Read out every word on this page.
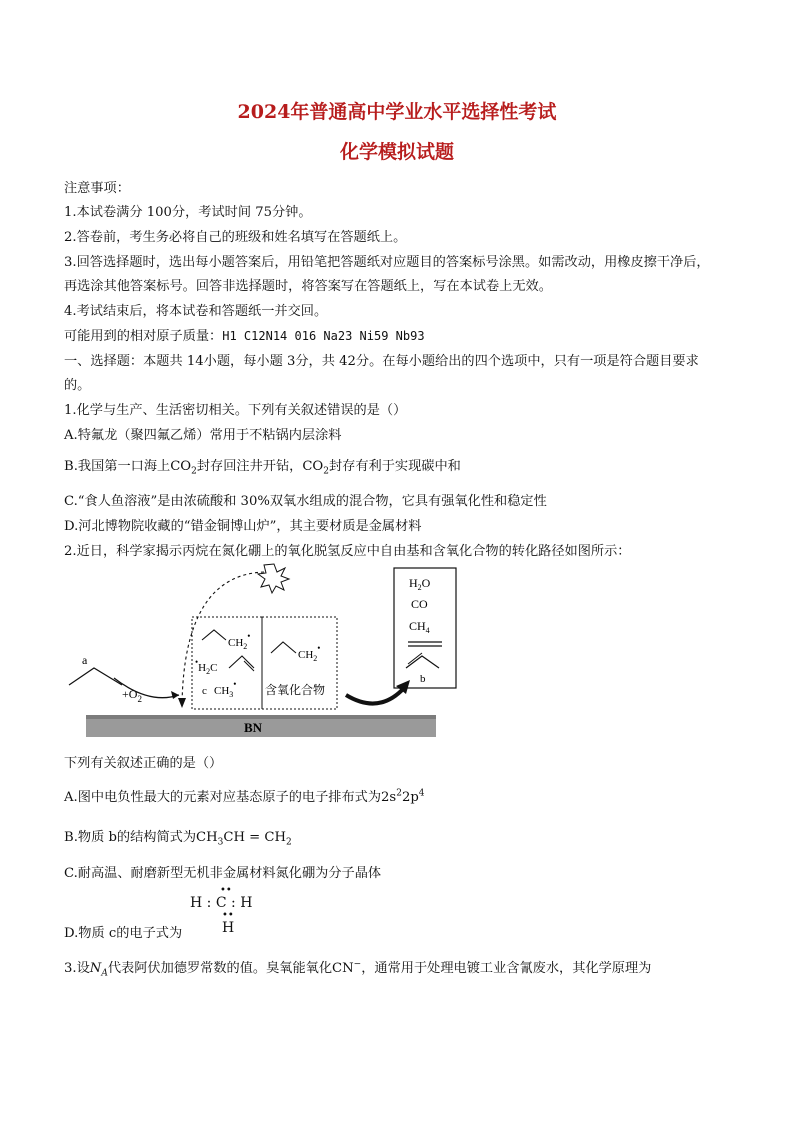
2024年普通高中学业水平选择性考试
化学模拟试题
注意事项：
1.本试卷满分 100分，考试时间 75分钟。
2.答卷前，考生务必将自己的班级和姓名填写在答题纸上。
3.回答选择题时，选出每小题答案后，用铅笔把答题纸对应题目的答案标号涂黑。如需改动，用橡皮擦干净后，
再选涂其他答案标号。回答非选择题时，将答案写在答题纸上，写在本试卷上无效。
4.考试结束后，将本试卷和答题纸一并交回。
可能用到的相对原子质量：H1 C12N14 016 Na23 Ni59 Nb93
一、选择题：本题共 14小题，每小题 3分，共 42分。在每小题给出的四个选项中，只有一项是符合题目要求
的。
1.化学与生产、生活密切相关。下列有关叙述错误的是（）
A.特氟龙（聚四氟乙烯）常用于不粘锅内层涂料
B.我国第一口海上$CO_2$封存回注井开钻，$CO_2$封存有利于实现碳中和
C.“食人鱼溶液”是由浓硫酸和 30%双氧水组成的混合物，它具有强氧化性和稳定性
D.河北博物院收藏的“错金铜博山炉”，其主要材质是金属材料
2.近日，科学家揭示丙烷在氮化硼上的氧化脱氢反应中自由基和含氧化合物的转化路径如图所示：
BN
a
$+O_2$
$CH_2^•$
$^•H_2C$
c $CH_3^•$
$CH_2^•$
含氧化合物
$H_2O$
CO
$CH_4$
b
下列有关叙述正确的是（）
A.图中电负性最大的元素对应基态原子的电子排布式为$2s^22p^4$
B.物质 b的结构简式为$CH_3CH = CH_2$
C.耐高温、耐磨新型无机非金属材料氮化硼为分子晶体
••
H : C : H
••
H
D.物质 c的电子式为
3.设$N_A$代表阿伏加德罗常数的值。臭氧能氧化CN−，通常用于处理电镀工业含氰废水，其化学原理为
